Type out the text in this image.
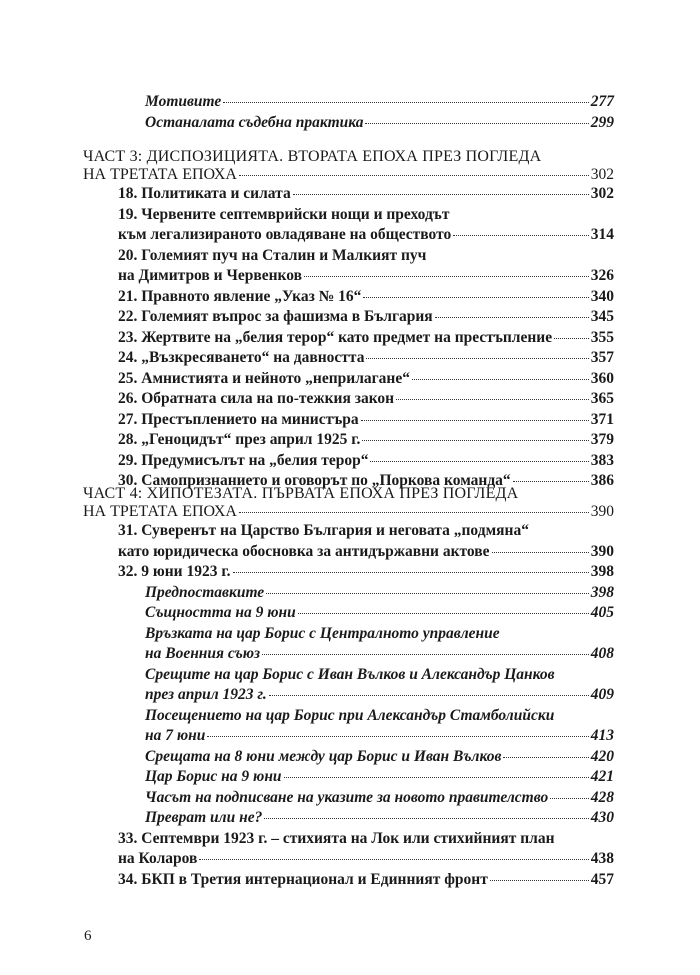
Мотивите	277
Останалата съдебна практика	299
ЧАСТ 3: ДИСПОЗИЦИЯТА. ВТОРАТА ЕПОХА ПРЕЗ ПОГЛЕДА
НА ТРЕТАТА ЕПОХА	302
18. Политиката и силата	302
19. Червените септемврийски нощи и преходът
към легализираното овладяване на обществото	314
20. Големият пуч на Сталин и Малкият пуч
на Димитров и Червенков	326
21. Правното явление „Указ № 16“	340
22. Големият въпрос за фашизма в България	345
23. Жертвите на „белия терор“ като предмет на престъпление 355
24. „Възкресяването“ на давността	357
25. Амнистията и нейното „неприлагане“	360
26. Обратната сила на по-тежкия закон	365
27. Престъплението на министъра	371
28. „Геноцидът“ през април 1925 г.	379
29. Предумисълът на „белия терор“	383
30. Самопризнанието и оговорът по „Поркова команда“	386
ЧАСТ 4: ХИПОТЕЗАТА. ПЪРВАТА ЕПОХА ПРЕЗ ПОГЛЕДА
НА ТРЕТАТА ЕПОХА	390
31. Суверенът на Царство България и неговата „подмяна“
като юридическа обосновка за антидържавни актове	390
32. 9 юни 1923 г.	398
Предпоставките	398
Същността на 9 юни	405
Връзката на цар Борис с Централното управление
на Военния съюз	408
Срещите на цар Борис с Иван Вълков и Александър Цанков
през април 1923 г.	409
Посещението на цар Борис при Александър Стамболийски
на 7 юни	413
Срещата на 8 юни между цар Борис и Иван Вълков	420
Цар Борис на 9 юни	421
Часът на подписване на указите за новото правителство	428
Преврат или не?	430
33. Септември 1923 г. – стихията на Лок или стихийният план
на Коларов	438
34. БКП в Третия интернационал и Единният фронт	457
6
